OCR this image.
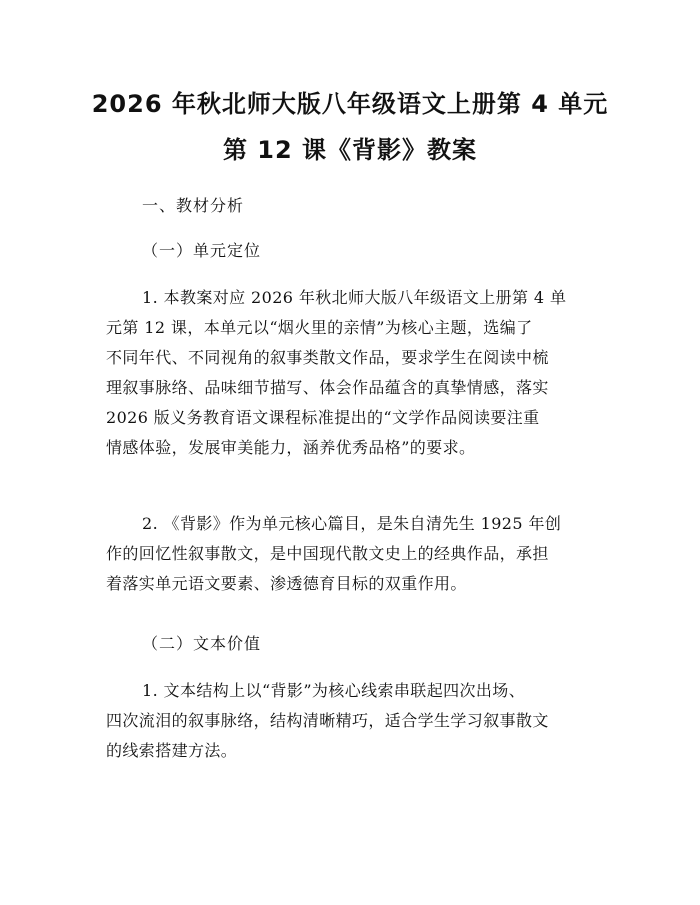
2026 年秋北师大版八年级语文上册第 4 单元
第 12 课《背影》教案
一、教材分析
（一）单元定位
1. 本教案对应 2026 年秋北师大版八年级语文上册第 4 单
元第 12 课，本单元以“烟火里的亲情”为核心主题，选编了
不同年代、不同视角的叙事类散文作品，要求学生在阅读中梳
理叙事脉络、品味细节描写、体会作品蕴含的真挚情感，落实
2026 版义务教育语文课程标准提出的“文学作品阅读要注重
情感体验，发展审美能力，涵养优秀品格”的要求。
2. 《背影》作为单元核心篇目，是朱自清先生 1925 年创
作的回忆性叙事散文，是中国现代散文史上的经典作品，承担
着落实单元语文要素、渗透德育目标的双重作用。
（二）文本价值
1. 文本结构上以“背影”为核心线索串联起四次出场、
四次流泪的叙事脉络，结构清晰精巧，适合学生学习叙事散文
的线索搭建方法。
